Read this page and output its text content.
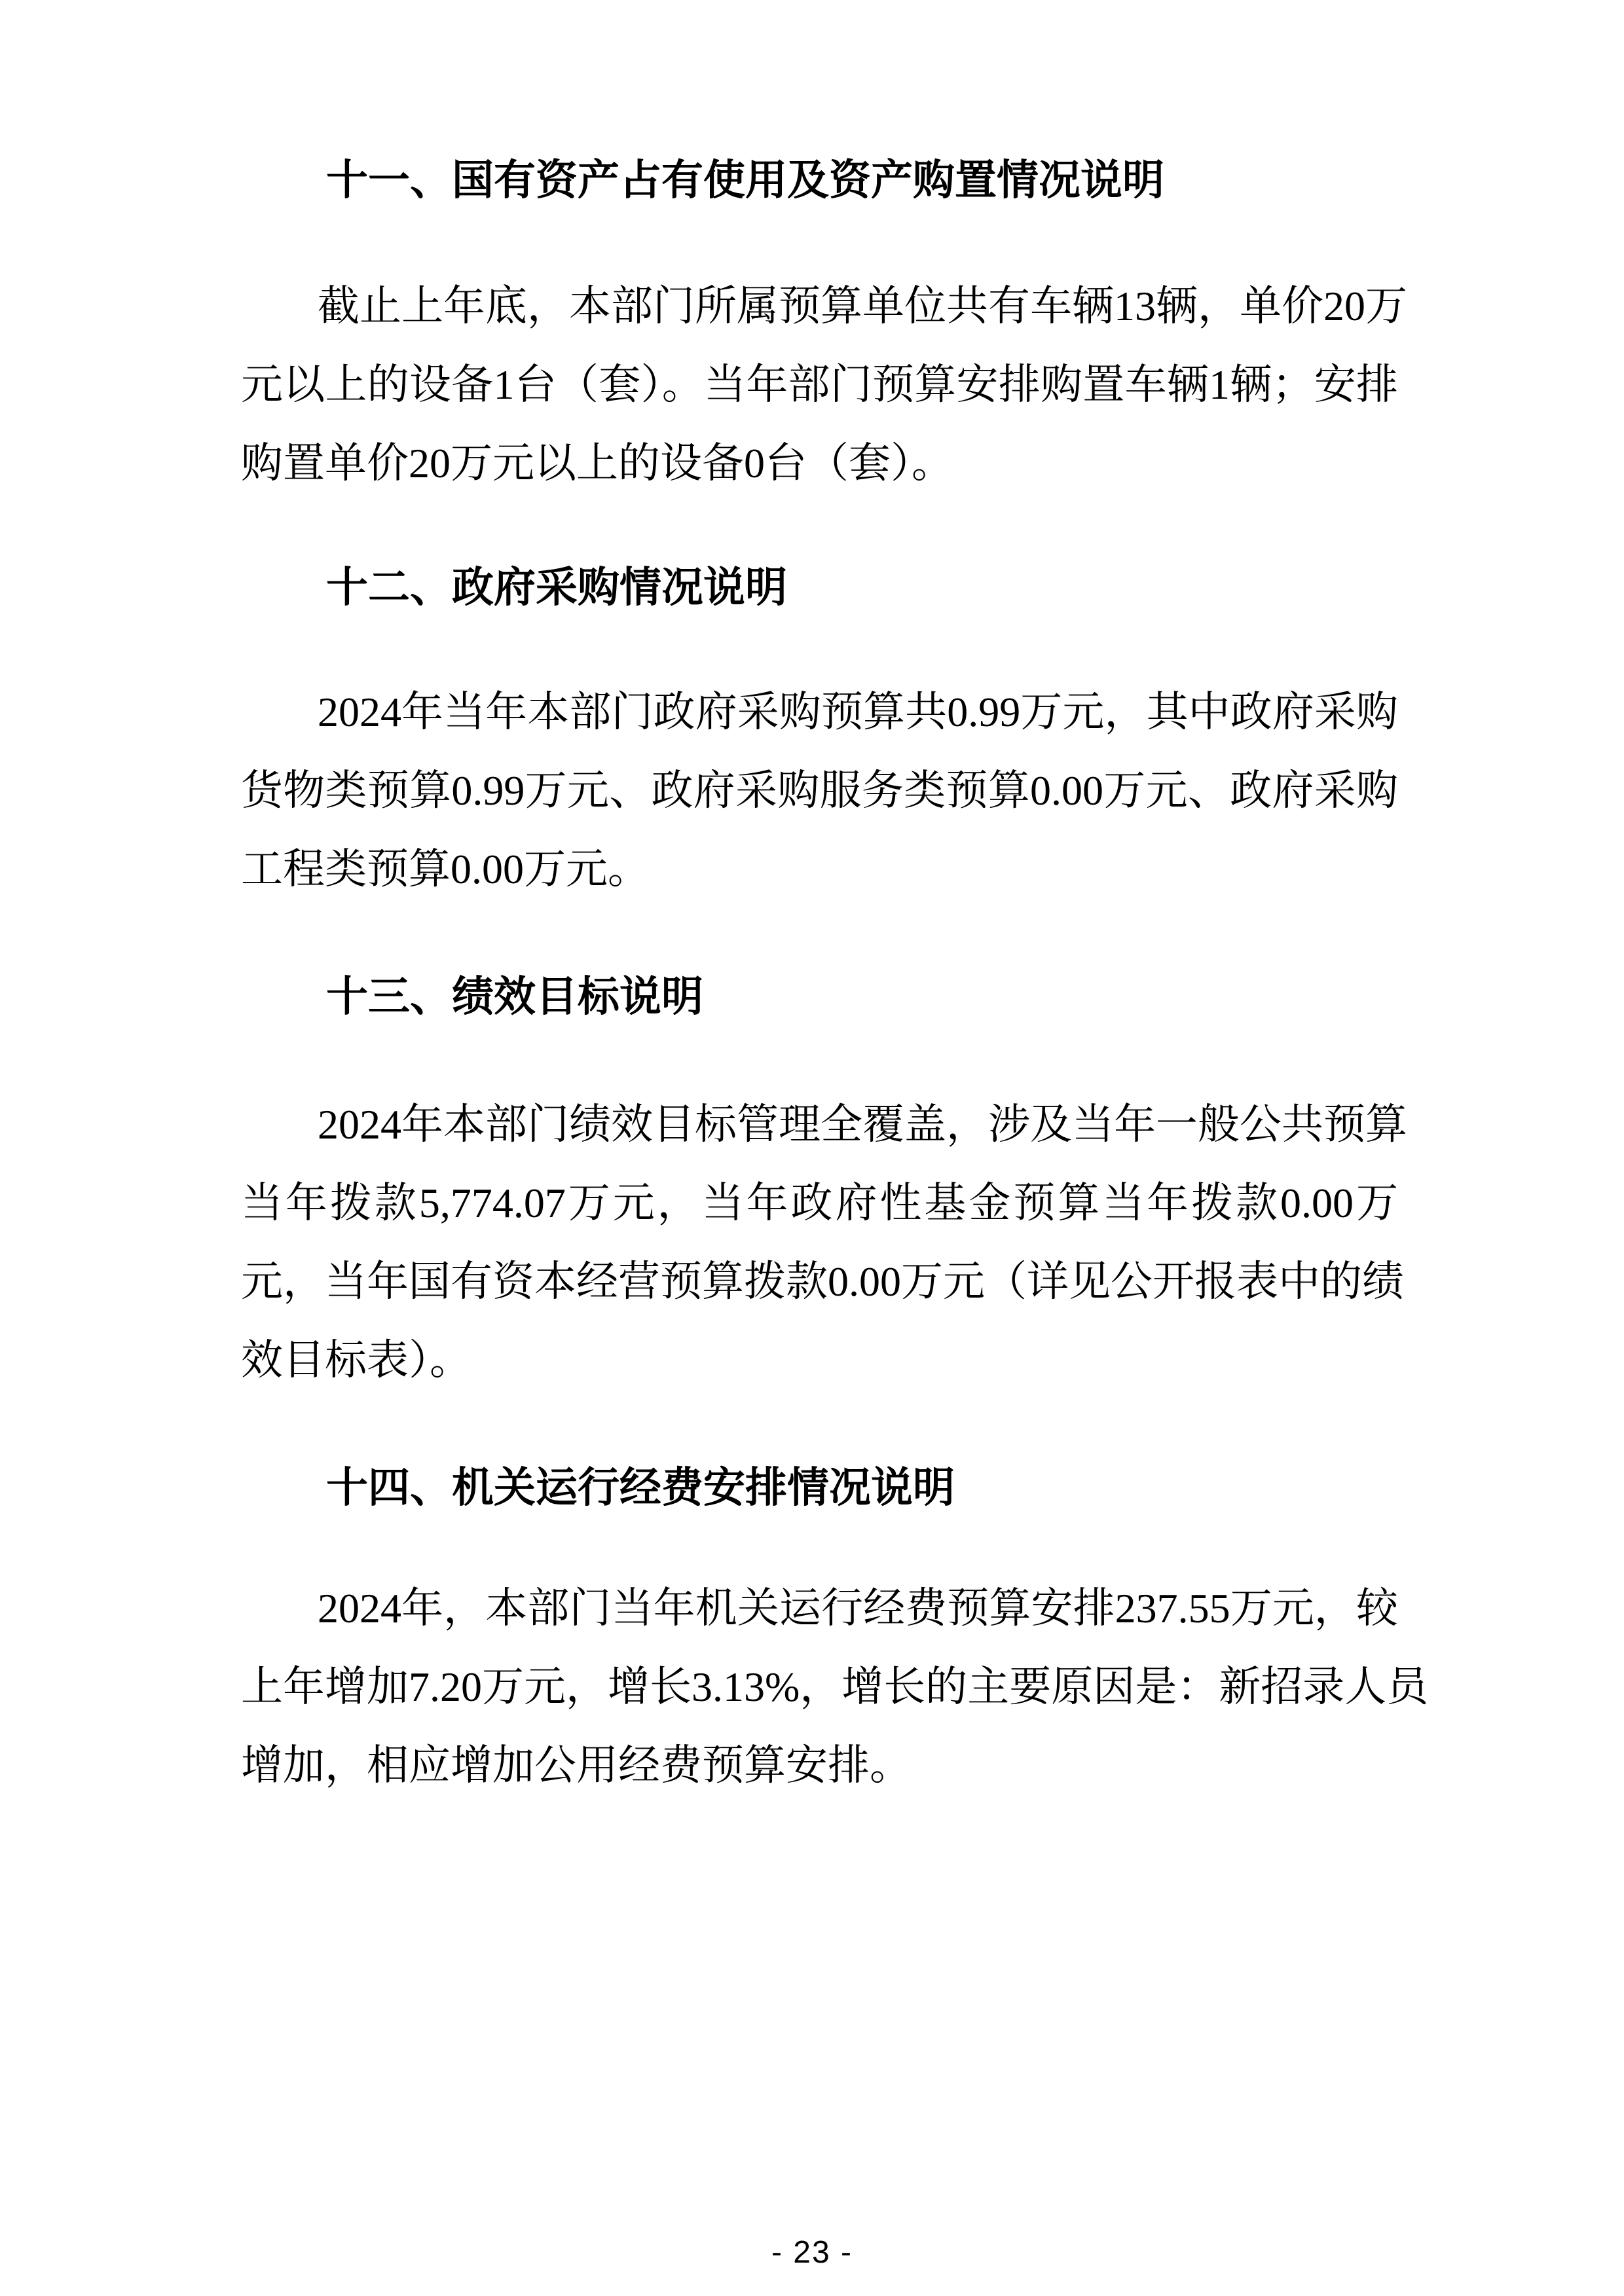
十一、国有资产占有使用及资产购置情况说明
截止上年底，本部门所属预算单位共有车辆13辆，单价20万
元以上的设备1台（套）。当年部门预算安排购置车辆1辆；安排
购置单价20万元以上的设备0台（套）。
十二、政府采购情况说明
2024年当年本部门政府采购预算共0.99万元，其中政府采购
货物类预算0.99万元、政府采购服务类预算0.00万元、政府采购
工程类预算0.00万元。
十三、绩效目标说明
2024年本部门绩效目标管理全覆盖，涉及当年一般公共预算
当年拨款5,774.07万元，当年政府性基金预算当年拨款0.00万
元，当年国有资本经营预算拨款0.00万元（详见公开报表中的绩
效目标表）。
十四、机关运行经费安排情况说明
2024年，本部门当年机关运行经费预算安排237.55万元，较
上年增加7.20万元，增长3.13%，增长的主要原因是：新招录人员
增加，相应增加公用经费预算安排。
- 23 -
